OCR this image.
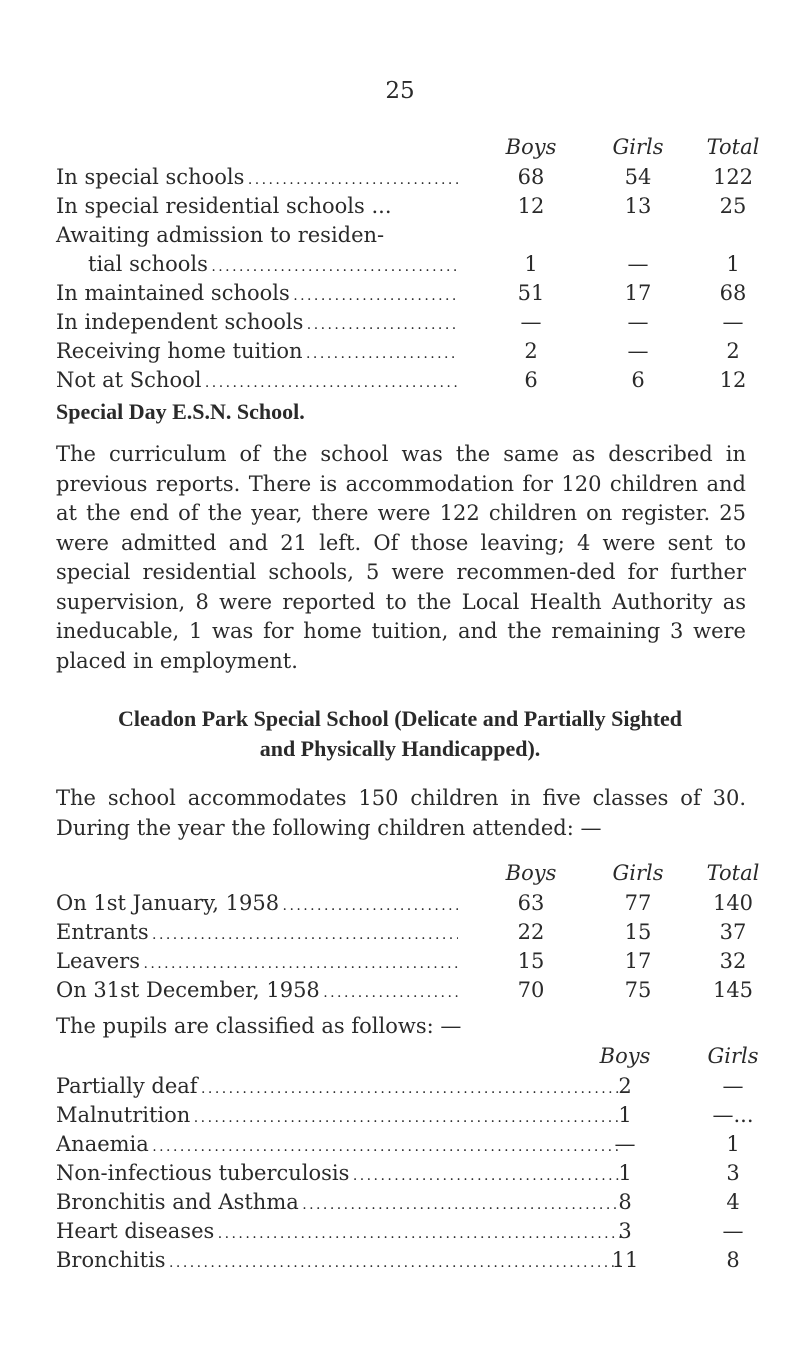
25
Boys	Girls	Total
In special schools . . .	68	54	122
In special residential schools ...	12	13	25
Awaiting admission to residen-
tial schools . . .	1	—	1
In maintained schools . . .	51	17	68
In independent schools . . .	—	—	—
Receiving home tuition . . .	2	—	2
Not at School . . .	6	6	12
Special Day E.S.N. School.
The curriculum of the school was the same as described in previous reports. There is accommodation for 120 children and at the end of the year, there were 122 children on register. 25 were admitted and 21 left. Of those leaving; 4 were sent to special residential schools, 5 were recommen-ded for further supervision, 8 were reported to the Local Health Authority as ineducable, 1 was for home tuition, and the remaining 3 were placed in employment.
Cleadon Park Special School (Delicate and Partially Sighted
and Physically Handicapped).
The school accommodates 150 children in five classes of 30. During the year the following children attended: —
Boys	Girls	Total
On 1st January, 1958 . . .	63	77	140
Entrants . . .	22	15	37
Leavers . . .	15	17	32
On 31st December, 1958 . . .	70	75	145
The pupils are classified as follows: —
Boys	Girls
Partially deaf . . .	2	—
Malnutrition . . .	1	—...
Anaemia . . .	—	1
Non-infectious tuberculosis . . .	1	3
Bronchitis and Asthma . . .	8	4
Heart diseases . . .	3	—
Bronchitis . . .	11	8
